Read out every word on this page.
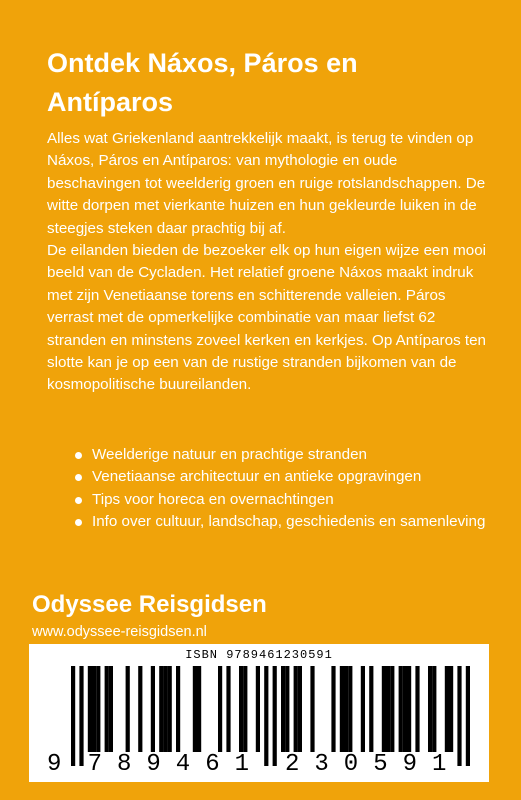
Ontdek Náxos, Páros en Antíparos

Alles wat Griekenland aantrekkelijk maakt, is terug te vinden op Náxos, Páros en Antíparos: van mythologie en oude beschavingen tot weelderig groen en ruige rotslandschappen. De witte dorpen met vierkante huizen en hun gekleurde luiken in de steegjes steken daar prachtig bij af.

De eilanden bieden de bezoeker elk op hun eigen wijze een mooi beeld van de Cycladen. Het relatief groene Náxos maakt indruk met zijn Venetiaanse torens en schitterende valleien. Páros verrast met de opmerkelijke combinatie van maar liefst 62 stranden en minstens zoveel kerken en kerkjes. Op Antíparos ten slotte kan je op een van de rustige stranden bijkomen van de kosmopolitische buureilanden.

Weelderige natuur en prachtige stranden
Venetiaanse architectuur en antieke opgravingen
Tips voor horeca en overnachtingen
Info over cultuur, landschap, geschiedenis en samenleving

Odyssee Reisgidsen

www.odyssee-reisgidsen.nl

ISBN 9789461230591
9 7 8 9 4 6 1 2 3 0 5 9 1
